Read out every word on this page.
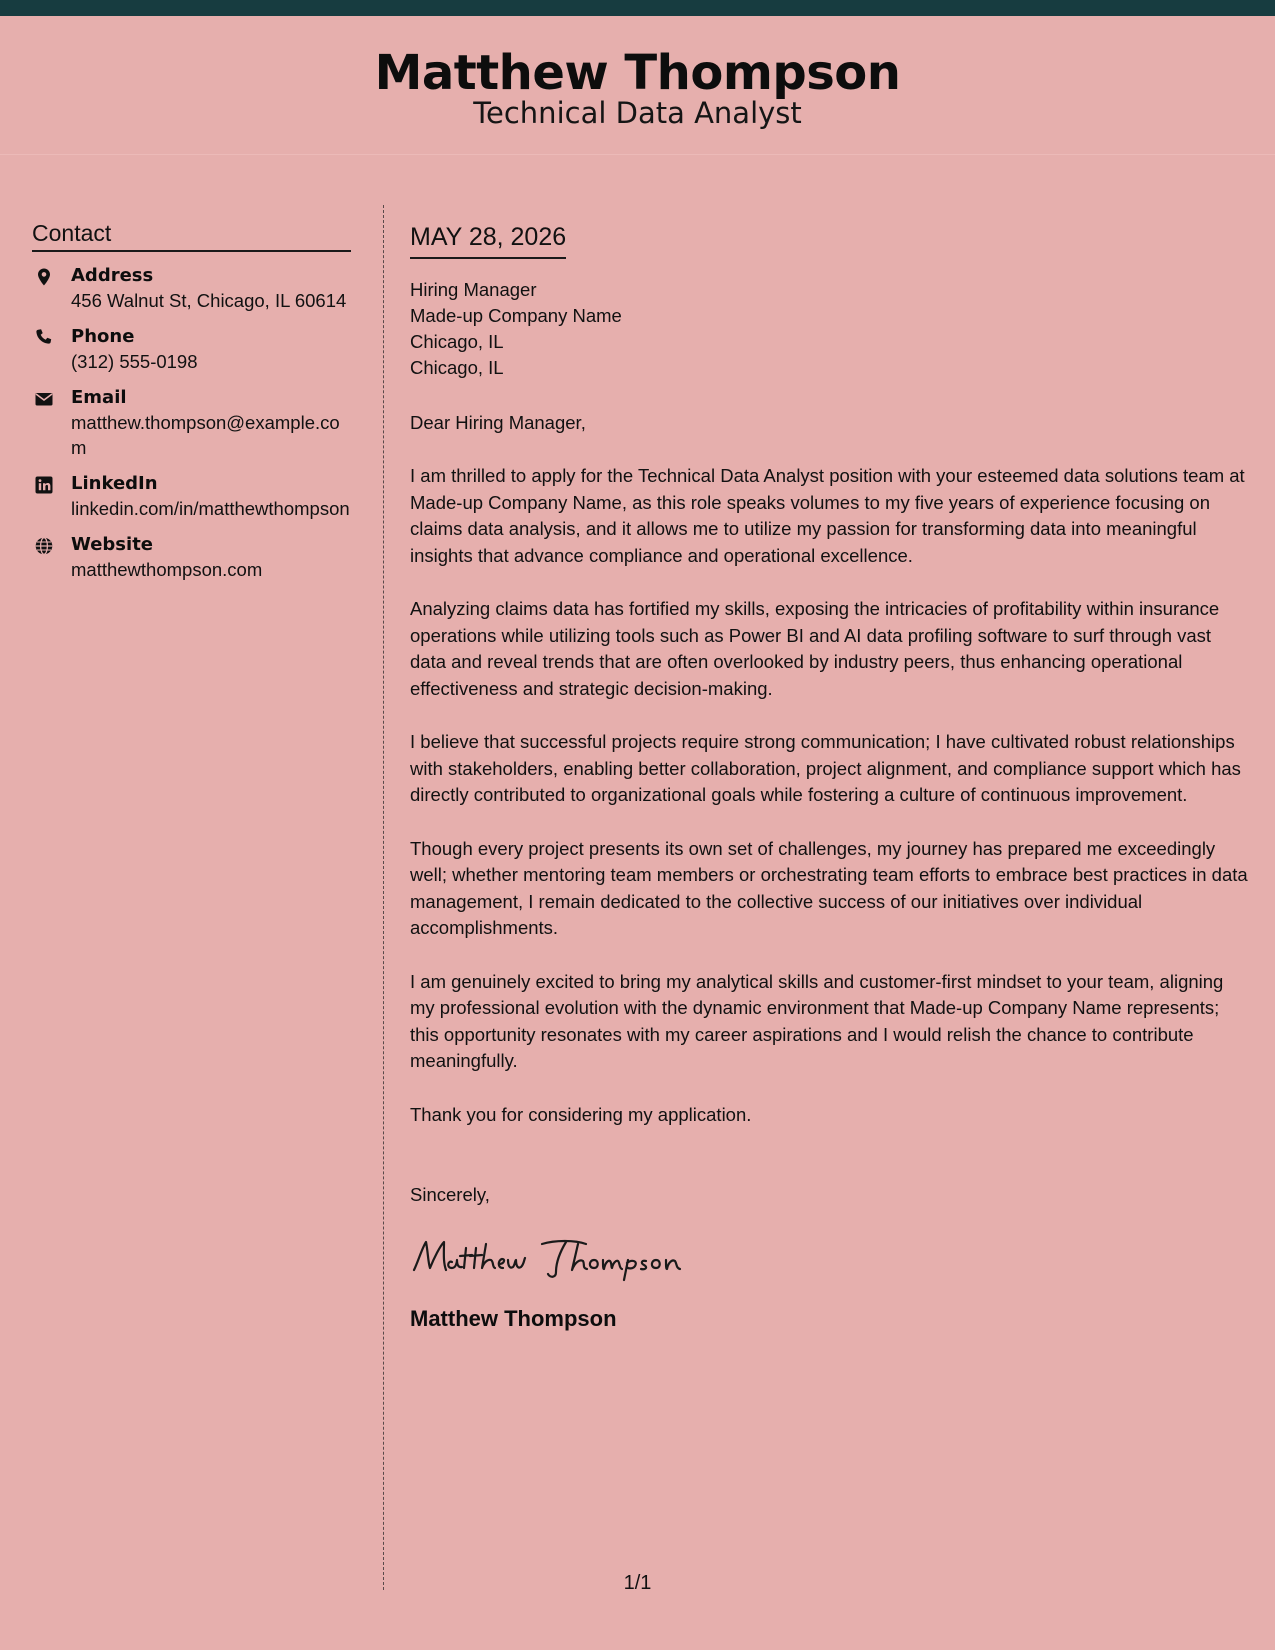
Matthew Thompson
Technical Data Analyst
Contact
Address
456 Walnut St, Chicago, IL 60614
Phone
(312) 555-0198
Email
matthew.thompson@example.com
LinkedIn
linkedin.com/in/matthewthompson
Website
matthewthompson.com
MAY 28, 2026
Hiring Manager
Made-up Company Name
Chicago, IL
Chicago, IL
Dear Hiring Manager,

I am thrilled to apply for the Technical Data Analyst position with your esteemed data solutions team at Made-up Company Name, as this role speaks volumes to my five years of experience focusing on claims data analysis, and it allows me to utilize my passion for transforming data into meaningful insights that advance compliance and operational excellence.

Analyzing claims data has fortified my skills, exposing the intricacies of profitability within insurance operations while utilizing tools such as Power BI and AI data profiling software to surf through vast data and reveal trends that are often overlooked by industry peers, thus enhancing operational effectiveness and strategic decision-making.

I believe that successful projects require strong communication; I have cultivated robust relationships with stakeholders, enabling better collaboration, project alignment, and compliance support which has directly contributed to organizational goals while fostering a culture of continuous improvement.

Though every project presents its own set of challenges, my journey has prepared me exceedingly well; whether mentoring team members or orchestrating team efforts to embrace best practices in data management, I remain dedicated to the collective success of our initiatives over individual accomplishments.

I am genuinely excited to bring my analytical skills and customer-first mindset to your team, aligning my professional evolution with the dynamic environment that Made-up Company Name represents; this opportunity resonates with my career aspirations and I would relish the chance to contribute meaningfully.

Thank you for considering my application.

Sincerely,
Matthew Thompson
1/1
